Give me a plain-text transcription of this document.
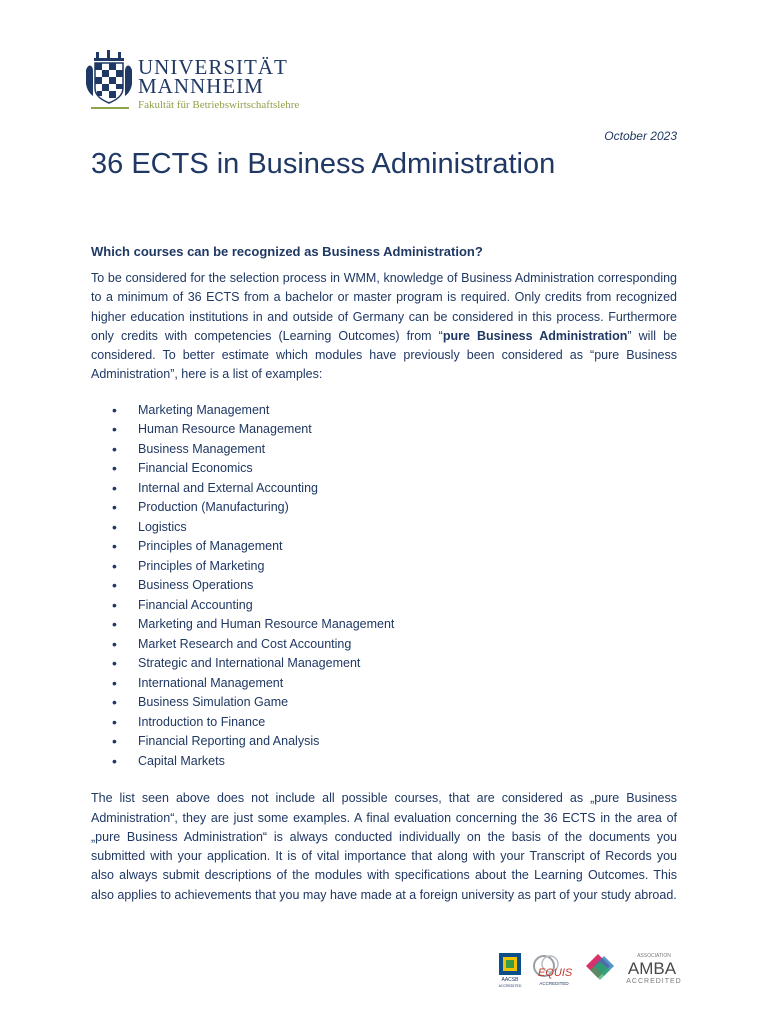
UNIVERSITÄT
MANNHEIM
Fakultät für Betriebswirtschaftslehre
October 2023
36 ECTS in Business Administration
Which courses can be recognized as Business Administration?

To be considered for the selection process in WMM, knowledge of Business Administration corresponding to a minimum of 36 ECTS from a bachelor or master program is required. Only credits from recognized higher education institutions in and outside of Germany can be considered in this process. Furthermore only credits with competencies (Learning Outcomes) from “pure Business Administration” will be considered. To better estimate which modules have previously been considered as “pure Business Administration”, here is a list of examples:

• Marketing Management
• Human Resource Management
• Business Management
• Financial Economics
• Internal and External Accounting
• Production (Manufacturing)
• Logistics
• Principles of Management
• Principles of Marketing
• Business Operations
• Financial Accounting
• Marketing and Human Resource Management
• Market Research and Cost Accounting
• Strategic and International Management
• International Management
• Business Simulation Game
• Introduction to Finance
• Financial Reporting and Analysis
• Capital Markets

The list seen above does not include all possible courses, that are considered as „pure Business Administration“, they are just some examples. A final evaluation concerning the 36 ECTS in the area of „pure Business Administration“ is always conducted individually on the basis of the documents you submitted with your application. It is of vital importance that along with your Transcript of Records you also always submit descriptions of the modules with specifications about the Learning Outcomes. This also applies to achievements that you may have made at a foreign university as part of your study abroad.

AACSB
ACCREDITED
EQUIS
ACCREDITED
ASSOCIATION
AMBA
ACCREDITED
